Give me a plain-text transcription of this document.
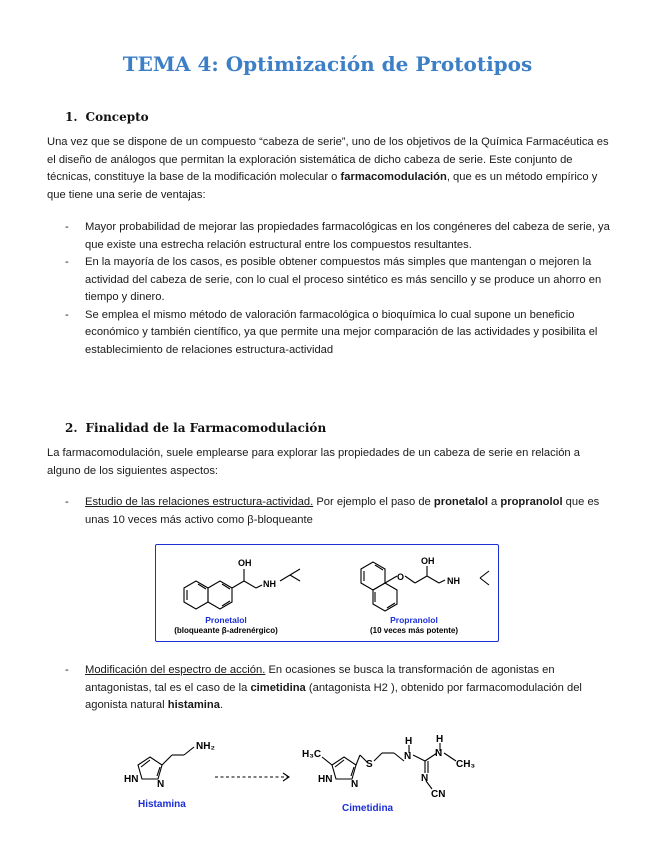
TEMA 4: Optimización de Prototipos
1. Concepto

Una vez que se dispone de un compuesto “cabeza de serie”, uno de los objetivos de la Química Farmacéutica es el diseño de análogos que permitan la exploración sistemática de dicho cabeza de serie. Este conjunto de técnicas, constituye la base de la modificación molecular o farmacomodulación, que es un método empírico y que tiene una serie de ventajas:

- Mayor probabilidad de mejorar las propiedades farmacológicas en los congéneres del cabeza de serie, ya que existe una estrecha relación estructural entre los compuestos resultantes.
- En la mayoría de los casos, es posible obtener compuestos más simples que mantengan o mejoren la actividad del cabeza de serie, con lo cual el proceso sintético es más sencillo y se produce un ahorro en tiempo y dinero.
- Se emplea el mismo método de valoración farmacológica o bioquímica lo cual supone un beneficio económico y también científico, ya que permite una mejor comparación de las actividades y posibilita el establecimiento de relaciones estructura-actividad
2. Finalidad de la Farmacomodulación

La farmacomodulación, suele emplearse para explorar las propiedades de un cabeza de serie en relación a alguno de los siguientes aspectos:

- Estudio de las relaciones estructura-actividad. Por ejemplo el paso de pronetalol a propranolol que es unas 10 veces más activo como β-bloqueante
OH
NH
O
OH
NH
Pronetalol
(bloqueante β-adrenérgico)
Propranolol
(10 veces más potente)
- Modificación del espectro de acción. En ocasiones se busca la transformación de agonistas en antagonistas, tal es el caso de la cimetidina (antagonista H2 ), obtenido por farmacomodulación del agonista natural histamina.
NH₂
HN N
Histamina
H₃C
HN N
S
N
H
N
H
CH₃
N
CN
Cimetidina
